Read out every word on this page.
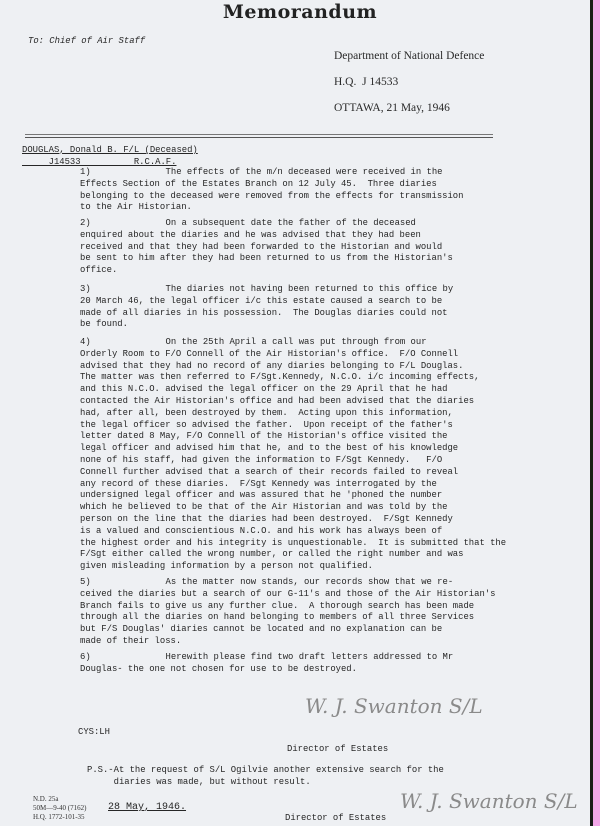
Memorandum
To: Chief of Air Staff
Department of National Defence
H.Q.  J 14533
OTTAWA, 21 May, 1946
DOUGLAS, Donald B. F/L (Deceased)
J14533          R.C.A.F.
1) The effects of the m/n deceased were received in the
Effects Section of the Estates Branch on 12 July 45.  Three diaries
belonging to the deceased were removed from the effects for transmission
to the Air Historian.
2) On a subsequent date the father of the deceased
enquired about the diaries and he was advised that they had been
received and that they had been forwarded to the Historian and would
be sent to him after they had been returned to us from the Historian's
office.
3) The diaries not having been returned to this office by
20 March 46, the legal officer i/c this estate caused a search to be
made of all diaries in his possession.  The Douglas diaries could not
be found.
4) On the 25th April a call was put through from our
Orderly Room to F/O Connell of the Air Historian's office.  F/O Connell
advised that they had no record of any diaries belonging to F/L Douglas.
The matter was then referred to F/Sgt.Kennedy, N.C.O. i/c incoming effects,
and this N.C.O. advised the legal officer on the 29 April that he had
contacted the Air Historian's office and had been advised that the diaries
had, after all, been destroyed by them.  Acting upon this information,
the legal officer so advised the father.  Upon receipt of the father's
letter dated 8 May, F/O Connell of the Historian's office visited the
legal officer and advised him that he, and to the best of his knowledge
none of his staff, had given the information to F/Sgt Kennedy.   F/O
Connell further advised that a search of their records failed to reveal
any record of these diaries.  F/Sgt Kennedy was interrogated by the
undersigned legal officer and was assured that he 'phoned the number
which he believed to be that of the Air Historian and was told by the
person on the line that the diaries had been destroyed.  F/Sgt Kennedy
is a valued and conscientious N.C.O. and his work has always been of
the highest order and his integrity is unquestionable.  It is submitted that the
F/Sgt either called the wrong number, or called the right number and was
given misleading information by a person not qualified.
5) As the matter now stands, our records show that we re-
ceived the diaries but a search of our G-11's and those of the Air Historian's
Branch fails to give us any further clue.  A thorough search has been made
through all the diaries on hand belonging to members of all three Services
but F/S Douglas' diaries cannot be located and no explanation can be
made of their loss.
6) Herewith please find two draft letters addressed to Mr
Douglas- the one not chosen for use to be destroyed.
W. J. Swanton S/L
CYS:LH
Director of Estates
P.S.-At the request of S/L Ogilvie another extensive search for the
diaries was made, but without result.
28 May, 1946.	W. J. Swanton S/L
Director of Estates
N.D. 25a
50M—9-40 (7162)
H.Q. 1772-101-35
